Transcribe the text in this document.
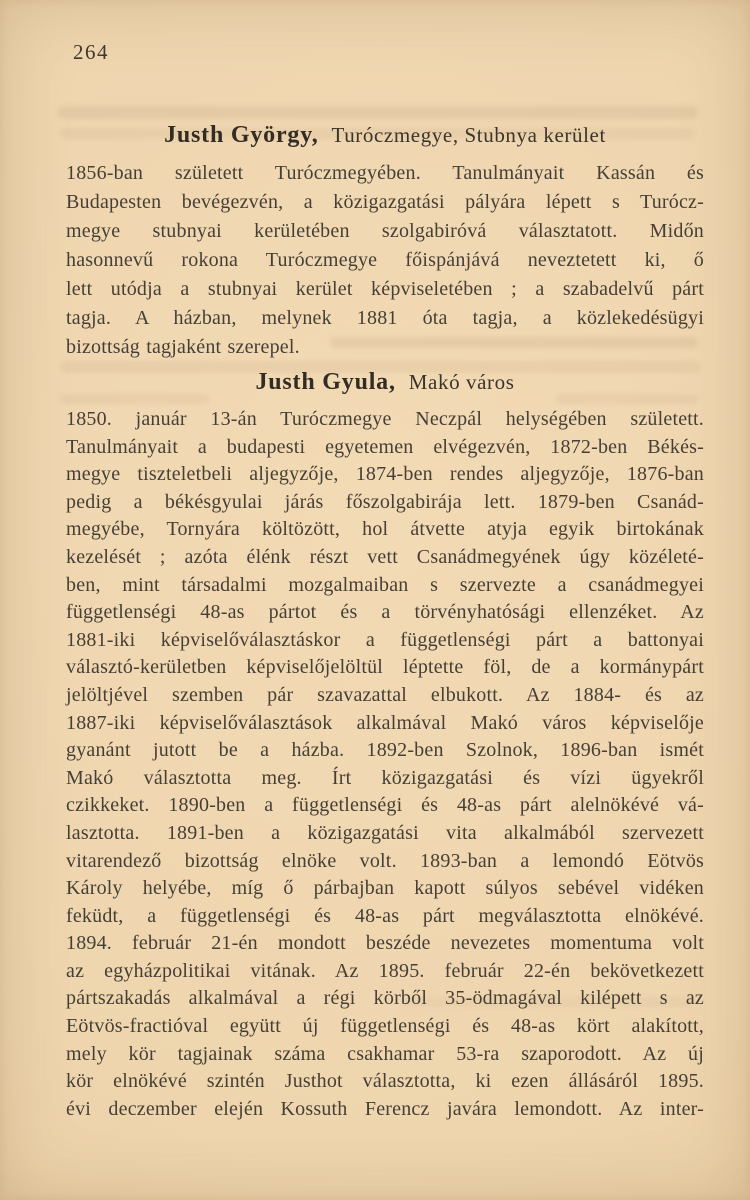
264
Justh György, Turóczmegye, Stubnya kerület
1856-ban született Turóczmegyében. Tanulmányait Kassán és
Budapesten bevégezvén, a közigazgatási pályára lépett s Turócz-
megye stubnyai kerületében szolgabiróvá választatott. Midőn
hasonnevű rokona Turóczmegye főispánjává neveztetett ki, ő
lett utódja a stubnyai kerület képviseletében ; a szabadelvű párt
tagja. A házban, melynek 1881 óta tagja, a közlekedésügyi
bizottság tagjaként szerepel.
Justh Gyula, Makó város
1850. január 13-án Turóczmegye Neczpál helységében született.
Tanulmányait a budapesti egyetemen elvégezvén, 1872-ben Békés-
megye tiszteletbeli aljegyzője, 1874-ben rendes aljegyzője, 1876-ban
pedig a békésgyulai járás főszolgabirája lett. 1879-ben Csanád-
megyébe, Tornyára költözött, hol átvette atyja egyik birtokának
kezelését ; azóta élénk részt vett Csanádmegyének úgy közéleté-
ben, mint társadalmi mozgalmaiban s szervezte a csanádmegyei
függetlenségi 48-as pártot és a törvényhatósági ellenzéket. Az
1881-iki képviselőválasztáskor a függetlenségi párt a battonyai
választó-kerületben képviselőjelöltül léptette föl, de a kormánypárt
jelöltjével szemben pár szavazattal elbukott. Az 1884- és az
1887-iki képviselőválasztások alkalmával Makó város képviselője
gyanánt jutott be a házba. 1892-ben Szolnok, 1896-ban ismét
Makó választotta meg. Írt közigazgatási és vízi ügyekről
czikkeket. 1890-ben a függetlenségi és 48-as párt alelnökévé vá-
lasztotta. 1891-ben a közigazgatási vita alkalmából szervezett
vitarendező bizottság elnöke volt. 1893-ban a lemondó Eötvös
Károly helyébe, míg ő párbajban kapott súlyos sebével vidéken
feküdt, a függetlenségi és 48-as párt megválasztotta elnökévé.
1894. február 21-én mondott beszéde nevezetes momentuma volt
az egyházpolitikai vitának. Az 1895. február 22-én bekövetkezett
pártszakadás alkalmával a régi körből 35-ödmagával kilépett s az
Eötvös-fractióval együtt új függetlenségi és 48-as kört alakított,
mely kör tagjainak száma csakhamar 53-ra szaporodott. Az új
kör elnökévé szintén Justhot választotta, ki ezen állásáról 1895.
évi deczember elején Kossuth Ferencz javára lemondott. Az inter-
